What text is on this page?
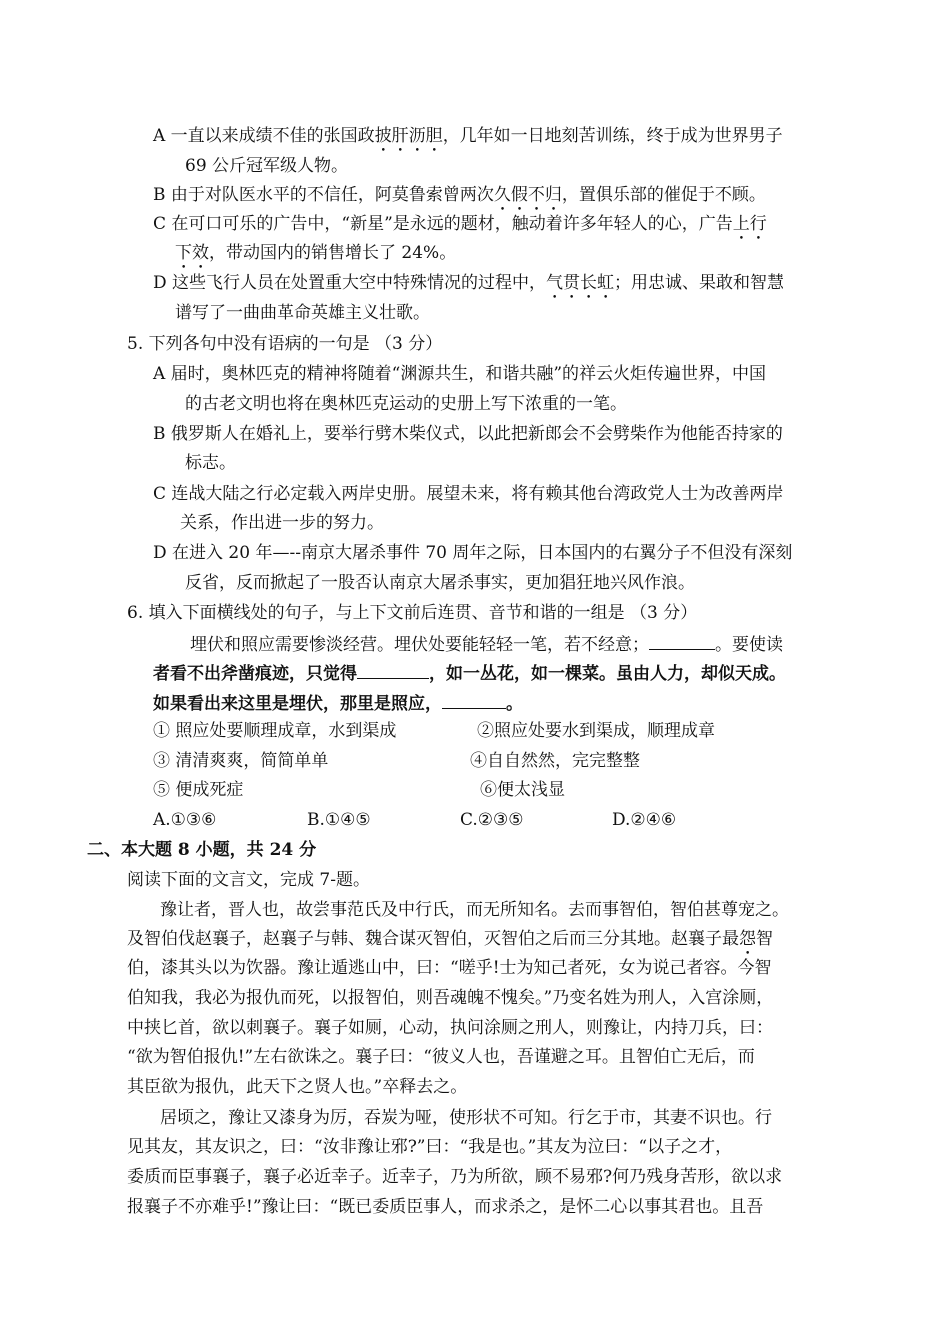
A 一直以来成绩不佳的张国政披肝沥胆，几年如一日地刻苦训练，终于成为世界男子
69 公斤冠军级人物。
B 由于对队医水平的不信任，阿莫鲁索曾两次久假不归，置俱乐部的催促于不顾。
C 在可口可乐的广告中，“新星”是永远的题材，触动着许多年轻人的心，广告上行
下效，带动国内的销售增长了 24%。
D 这些飞行人员在处置重大空中特殊情况的过程中，气贯长虹；用忠诚、果敢和智慧
谱写了一曲曲革命英雄主义壮歌。
5. 下列各句中没有语病的一句是 （3 分）
A 届时，奥林匹克的精神将随着“渊源共生，和谐共融”的祥云火炬传遍世界，中国
的古老文明也将在奥林匹克运动的史册上写下浓重的一笔。
B 俄罗斯人在婚礼上，要举行劈木柴仪式，以此把新郎会不会劈柴作为他能否持家的
标志。
C 连战大陆之行必定载入两岸史册。展望未来，将有赖其他台湾政党人士为改善两岸
关系，作出进一步的努力。
D 在进入 20 年—--南京大屠杀事件 70 周年之际，日本国内的右翼分子不但没有深刻
反省，反而掀起了一股否认南京大屠杀事实，更加猖狂地兴风作浪。
6. 填入下面横线处的句子，与上下文前后连贯、音节和谐的一组是 （3 分）
埋伏和照应需要惨淡经营。埋伏处要能轻轻一笔，若不经意；	。要使读
者看不出斧凿痕迹，只觉得	，如一丛花，如一棵菜。虽由人力，却似天成。
如果看出来这里是埋伏，那里是照应，	。
① 照应处要顺理成章，水到渠成	②照应处要水到渠成，顺理成章
③ 清清爽爽，简简单单	④自自然然，完完整整
⑤ 便成死症	⑥便太浅显
A.①③⑥	B.①④⑤	C.②③⑤	D.②④⑥
二、本大题 8 小题，共 24 分
阅读下面的文言文，完成 7-题。
豫让者，晋人也，故尝事范氏及中行氏，而无所知名。去而事智伯，智伯甚尊宠之。
及智伯伐赵襄子，赵襄子与韩、魏合谋灭智伯，灭智伯之后而三分其地。赵襄子最怨智
伯，漆其头以为饮器。豫让遁逃山中，曰：“嗟乎!士为知己者死，女为说己者容。今智
伯知我，我必为报仇而死，以报智伯，则吾魂魄不愧矣。”乃变名姓为刑人，入宫涂厕，
中挟匕首，欲以刺襄子。襄子如厕，心动，执问涂厕之刑人，则豫让，内持刀兵，曰：
“欲为智伯报仇!”左右欲诛之。襄子曰：“彼义人也，吾谨避之耳。且智伯亡无后，而
其臣欲为报仇，此天下之贤人也。”卒释去之。
居顷之，豫让又漆身为厉，吞炭为哑，使形状不可知。行乞于市，其妻不识也。行
见其友，其友识之，曰：“汝非豫让邪?”曰：“我是也。”其友为泣曰：“以子之才，
委质而臣事襄子，襄子必近幸子。近幸子，乃为所欲，顾不易邪?何乃残身苦形，欲以求
报襄子不亦难乎!”豫让曰：“既已委质臣事人，而求杀之，是怀二心以事其君也。且吾
